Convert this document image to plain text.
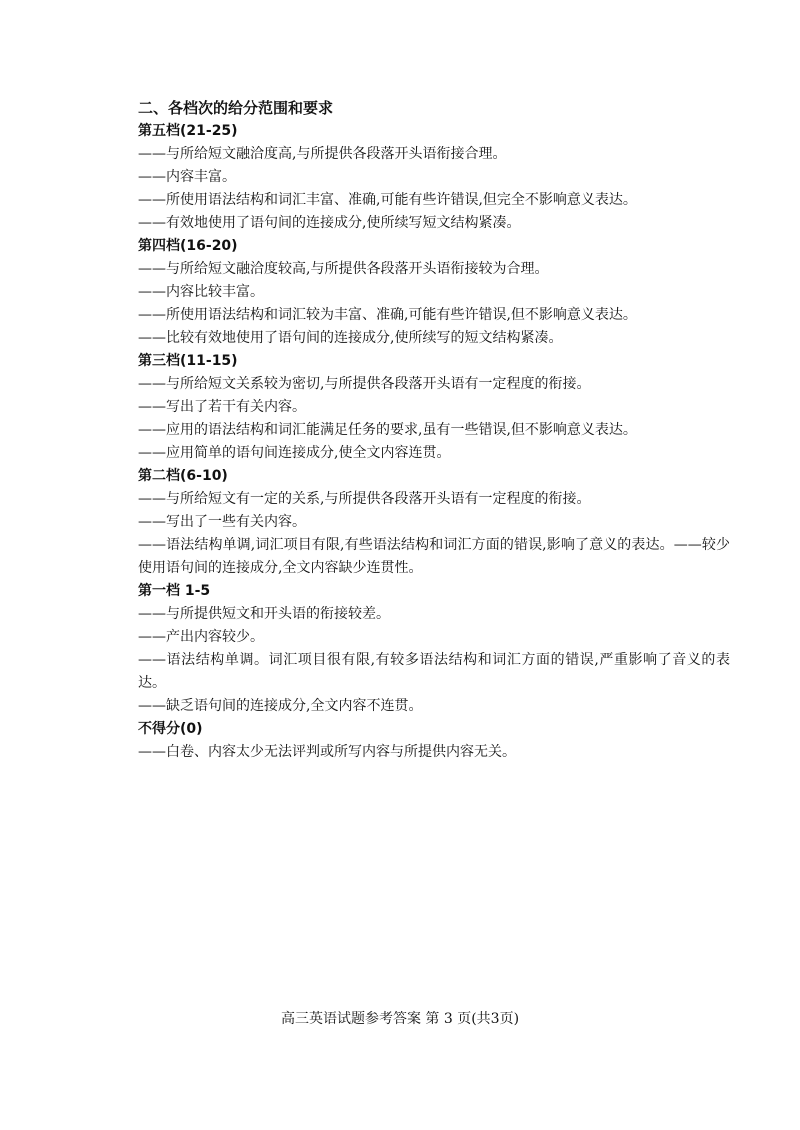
二、各档次的给分范围和要求

第五档(21-25)

——与所给短文融洽度高,与所提供各段落开头语衔接合理。

——内容丰富。

——所使用语法结构和词汇丰富、准确,可能有些许错误,但完全不影响意义表达。

——有效地使用了语句间的连接成分,使所续写短文结构紧凑。

第四档(16-20)

——与所给短文融洽度较高,与所提供各段落开头语衔接较为合理。

——内容比较丰富。

——所使用语法结构和词汇较为丰富、准确,可能有些许错误,但不影响意义表达。

——比较有效地使用了语句间的连接成分,使所续写的短文结构紧凑。

第三档(11-15)

——与所给短文关系较为密切,与所提供各段落开头语有一定程度的衔接。

——写出了若干有关内容。

——应用的语法结构和词汇能满足任务的要求,虽有一些错误,但不影响意义表达。

——应用简单的语句间连接成分,使全文内容连贯。

第二档(6-10)

——与所给短文有一定的关系,与所提供各段落开头语有一定程度的衔接。

——写出了一些有关内容。

——语法结构单调,词汇项目有限,有些语法结构和词汇方面的错误,影响了意义的表达。——较少使用语句间的连接成分,全文内容缺少连贯性。

第一档 1-5

——与所提供短文和开头语的衔接较差。

——产出内容较少。

——语法结构单调。词汇项目很有限,有较多语法结构和词汇方面的错误,严重影响了音义的表达。

——缺乏语句间的连接成分,全文内容不连贯。

不得分(0)

——白卷、内容太少无法评判或所写内容与所提供内容无关。

高三英语试题参考答案 第 3 页(共3页)
